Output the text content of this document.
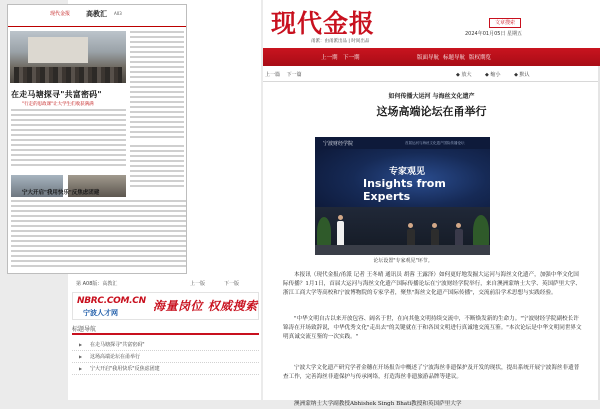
现代金报 高教汇 A03
在走马塘探寻"共富密码"
"行走的思政课"让大学生们收获满满
宁大开启"我用快乐"反焦虑团建
第 A08版：高教汇	上一版	下一版
NBRC.COM.CN
宁波人才网	海量岗位 权威搜索
标题导航
▶ 在走马塘探寻"共富密码"
▶ 这场高端论坛在甬举行
▶ 宁大开启"我用快乐"反焦虑团建
现代金报	文章搜索
2024年01月05日 星期五
甬派：由甬派出品 | 时间出品
上一期 下一期	版面导航 标题导航 版权期览
上一篇 下一篇	◆ 放大	◆ 缩小	◆ 默认
如何传播大运河 与海丝文化遗产
这场高端论坛在甬举行
宁波财经学院	首届运河与海丝文化遗产国际传播论坛
专家观见
Insights from Experts
论坛设置"专家观见"环节。

本报讯（现代金报/甬派 记者 王冬晴 通讯员 胡蓉 王露泽）如何更好地发掘大运河与海丝文化遗产，加强中华文化国际传播？1月1日，首届大运河与海丝文化遗产国际传播论坛在宁波财经学院举行，来自澳洲蒙纳士大学、英国萨里大学、浙江工商大学等高校和宁波博物院的专家学者，聚焦"海丝文化遗产国际传播"，交流前沿学术思想与实践经验。

"中华文明自古以来开放包容、阔名于世，在向其他文明持续交流中，不断焕发新的生命力。"宁波财经学院副校长许锦涛在开场致辞说，中华优秀文化"走出去"的关键就在于和各国文明进行真诚地交流互鉴。"本次论坛是中华文明同世界文明真诚交流互鉴的一次实践。"

宁波大学文化遗产研究学者金穗在开场报告中概述了宁波海丝非遗保护及开发的现状，提出系统开展宁波海丝非遗普查工作，完善海丝非遗保护与传承网络，打造海丝非遗旅游品牌等建议。

澳洲蒙纳士大学副教授Abhishek Singh Bhati教授和英国萨里大学
